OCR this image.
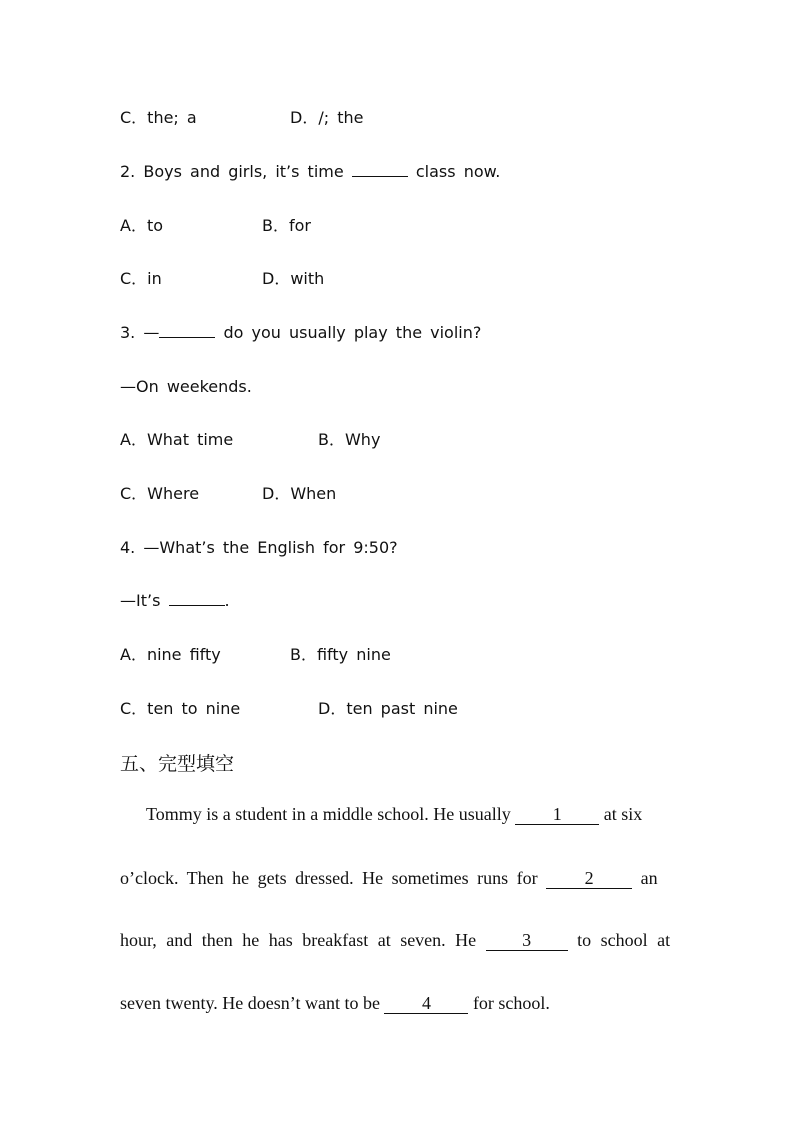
C．the; a	D．/; the
2. Boys and girls, it’s time	class now.
A．to	B．for
C．in	D．with
3. —	do you usually play the violin?
—On weekends.
A．What time	B．Why
C．Where	D．When
4. —What’s the English for 9:50?
—It’s	.
A．nine fifty	B．fifty nine
C．ten to nine	D．ten past nine
五、完型填空
Tommy is a student in a middle school. He usually 1 at six
o’clock. Then he gets dressed. He sometimes runs for 2 an
hour, and then he has breakfast at seven. He 3 to school at
seven twenty. He doesn’t want to be 4 for school.
